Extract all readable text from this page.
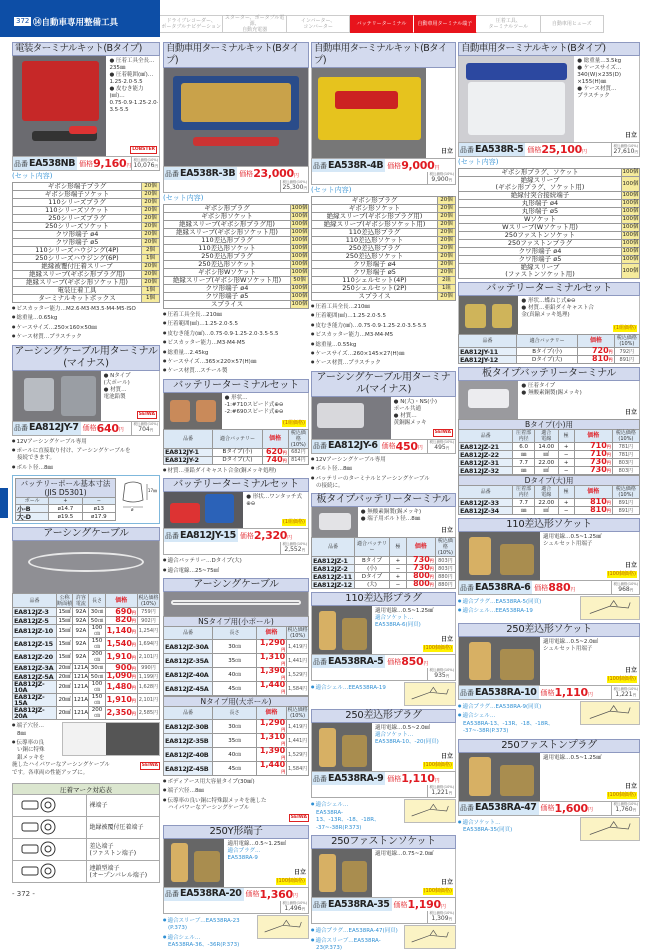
372 ⑭自動車専用整備工具	ドライブレコーダー、
ポータブルナビゲーション
スターター、ポータブル電源、
自動充電器
インバーター、
コンバーター	バッテリーターミナル	自動車用ターミナル端子	圧着工具、
ターミナルツール	自動車用ヒューズ
電装ターミナルキット(Bタイプ)
● 圧着工具全長…
235㎜
● 圧着範囲(㎟)…
1.25·2.0·5.5
● 皮むき能力(㎟)…
0.75·0.9·1.25·2.0·
3.5·5.5
LOBSTER
品番 EA538NB 価格 9,160 円
税込価格(10%)
10,076円
(セット内容)
ギボシ形端子プラグ	20個
ギボシ形端子ソケット	20個
110シリーズプラグ	20個
110シリーズソケット	20個
250シリーズプラグ	20個
250シリーズソケット	20個
クワ形端子 ø4	20個
クワ形端子 ø5	20個
110シリーズハウジング(4P)	2個
250シリーズハウジング(6P)	1個
絶縁被覆付圧着スリーブ	20個
絶縁スリーブ(ギボシ形プラグ用)	20個
絶縁スリーブ(ギボシ形ソケット用)	20個
電装圧着工具	1個
ターミナルキットボックス	1個
● ビスカッター能力…M2.6·M3·M3.5·M4·M5·ISO
● 総重量…0.65kg
● ケースサイズ…250×160×50㎜
● ケース材質…プラスチック
アーシングケーブル用ターミナル(マイナス)
● Nタイプ
(大ポール)
● 材質…
電池鉛製
SEIWA
品番 EA812JY-7 価格 640 円
税込価格(10%)
704円
● 12Vアーシングケーブル専用
● ポールに直接取り付け、アーシングケーブルを
接続できます。
● ボルト径…8㎜
バッテリーポール基本寸法(JIS D5301)		
ポール	+	−
小-B	ø14.7	ø13
大-D	ø19.5	ø17.9
17㎜
ø
アーシングケーブル
品番	公称
断面積	許容
電流	長さ	価格	税込価格
(10%)
EA812JZ-3	15㎟	92A	30㎝	690円	759円
EA812JZ-5	15㎟	92A	50㎝	820円	902円
EA812JZ-10	15㎟	92A	100㎝	1,140円	1,254円
EA812JZ-15	15㎟	92A	150㎝	1,540円	1,694円
EA812JZ-20	15㎟	92A	200㎝	1,910円	2,101円
EA812JZ-3A	20㎟	121A	30㎝	900円	990円
EA812JZ-5A	20㎟	121A	50㎝	1,090円	1,199円
EA812JZ-10A	20㎟	121A	100㎝	1,480円	1,628円
EA812JZ-15A	20㎟	121A	150㎝	1,910円	2,101円
EA812JZ-20A	20㎟	121A	200㎝	2,350円	2,585円
● 端子穴径…
8㎜
● 伝導率の良
い銅に特殊
銀メッキを
施したハイパワーなアーシングケーブル
です。各車両の性能アップに。
SEIWA
圧着マーク対応表	
	裸端子
	絶縁被覆付圧着端子
	差込端子
(ファストン端子)
	連鎖型端子
(オープンバレル端子)
- 372 -
自動車用ターミナルキット(Bタイプ)
品番 EA538R-3B 価格 23,000 円
税込価格(10%)
25,300円
(セット内容)
ギボシ形プラグ	100個
ギボシ形ソケット	100個
絶縁スリーブ(ギボシ形プラグ用)	100個
絶縁スリーブ(ギボシ形ソケット用)	100個
110差込形プラグ	100個
110差込形ソケット	100個
250差込形プラグ	100個
250差込形ソケット	100個
ギボシ形Wソケット	100個
絶縁スリーブ(ギボシ形Wソケット用)	50個
クワ形端子 ø4	100個
クワ形端子 ø5	100個
スプライス	100個
● 圧着工具全長…210㎜
● 圧着範囲(㎟)…1.25·2.0·5.5
● 皮むき能力(㎟)…0.75·0.9·1.25·2.0·3.5·5.5
● ビスカッター能力…M3·M4·M5
● 総重量…2.45kg
● ケースサイズ…365×220×57(H)㎜
● ケース材質…スチール製
バッテリーターミナルセット
● 形状…
-1:#710スピード式⊕⊖
-2:#690スピード式⊕⊖
(1組価格)
品番	適合バッテリー	価格	税込価格
(10%)
EA812JY-1	Bタイプ(小)	620円	682円
EA812JY-2	Dタイプ(大)	740円	814円
● 材質…亜鉛ダイキャスト合金(銅メッキ処理)
バッテリーターミナルセット
● 形状…ワンタッチ式⊕⊖
(1組価格)
品番 EA812JY-15 価格 2,320 円
税込価格(10%)
2,552円
● 適合バッテリー…Dタイプ(大)
● 適合電線…25~75㎟
アーシングケーブル
NSタイプ用(小ポール)			
品番	長さ	価格	税込価格
(10%)
EA812JZ-30A	30㎝	1,290円	1,419円
EA812JZ-35A	35㎝	1,310円	1,441円
EA812JZ-40A	40㎝	1,390円	1,529円
EA812JZ-45A	45㎝	1,440円	1,584円
Nタイプ用(大ポール)			
品番	長さ	価格	税込価格
(10%)
EA812JZ-30B	30㎝	1,290円	1,419円
EA812JZ-35B	35㎝	1,310円	1,441円
EA812JZ-40B	40㎝	1,390円	1,529円
EA812JZ-45B	45㎝	1,440円	1,584円
● ボディアース用大容量タイプ(30㎟)
● 端子穴径…8㎜
● 伝導率の良い銅に特殊銀メッキを施した
ハイパワーなアーシングケーブル
SEIWA
250Y形端子
適用電線…0.5~1.25㎟
適合プラグ…
EA538RA-9
日立
(100個価格)
品番 EA538RA-20 価格 1,360 円
税込価格(10%)
1,496円
● 適合スリーブ…EA538RA-23
(P.373)
● 適合シェル…
EA538RA-36、-36R(P.373)
自動車用ターミナルキット(Bタイプ)
日立
品番 EA538R-4B 価格 9,000 円
税込価格(10%)
9,900円
(セット内容)
ギボシ形プラグ	20個
ギボシ形ソケット	20個
絶縁スリーブ(ギボシ形プラグ用)	20個
絶縁スリーブ(ギボシ形ソケット用)	20個
110差込形プラグ	20個
110差込形ソケット	20個
250差込形プラグ	20個
250差込形ソケット	20個
クワ形端子 ø4	20個
クワ形端子 ø5	20個
110シェルセット(4P)	2組
250シェルセット(2P)	1組
スプライス	20個
● 圧着工具全長…210㎜
● 圧着範囲(㎟)…1.25·2.0·5.5
● 皮むき能力(㎟)…0.75·0.9·1.25·2.0·3.5·5.5
● ビスカッター能力…M3·M4·M5
● 総重量…0.55kg
● ケースサイズ…260×145×27(H)㎜
● ケース材質…プラスチック
アーシングケーブル用ターミナル(マイナス)
● N(大)・NS(小)
ポール共通
● 材質…
黄銅錫メッキ
SEIWA
品番 EA812JY-6 価格 450 円
税込価格(10%)
495円
● 12Vアーシングケーブル専用
● ボルト径…8㎜
● バッテリーのターミナルとアーシングケーブル
の接続に。
板タイプバッテリーターミナル
● 無酸素銅製(錫メッキ)
● 端子用ボルト径…8㎜
日立
品番	適合バッテリー	極	価格	税込価格
(10%)
EA812JZ-1	Bタイプ	+	730円	803円
EA812JZ-2	(小)	−	730円	803円
EA812JZ-11	Dタイプ	+	800円	880円
EA812JZ-12	(大)	−	800円	880円
110差込形プラグ
適用電線…0.5~1.25㎟
適合ソケット…
EA538RA-6(同頁)
日立
(100個価格)
品番 EA538RA-5 価格 850 円
税込価格(10%)
935円
● 適合シェル…EEA538RA-19
250差込形プラグ
適用電線…0.5~2.0㎟
適合ソケット…
EA538RA-10、-20(同頁)
日立
(100個価格)
品番 EA538RA-9 価格 1,110 円
税込価格(10%)
1,221円
● 適合シェル…
EA538RA-13、-13R、-18、-18R、
-37~-38R(P.373)
250ファストンソケット
適用電線…0.75~2.0㎟
日立
(100個価格)
品番 EA538RA-35 価格 1,190 円
税込価格(10%)
1,309円
● 適合プラグ…EA538RA-47(同頁)
● 適合スリーブ…EA538RA-23(P.373)
自動車用ターミナルキット(Bタイプ)
● 総重量…3.5kg
● ケースサイズ…
340(W)×235(D)
×155(H)㎜
● ケース材質…
プラスチック
日立
品番 EA538R-5 価格 25,100 円
税込価格(10%)
27,610円
(セット内容)
ギボシ形プラグ、ソケット	100個
絶縁スリーブ
(ギボシ形プラグ、ソケット用)	100個
絶縁付突合接続端子	100個
丸形端子 ø4	100個
丸形端子 ø5	100個
Wソケット	100個
Wスリーブ(Wソケット用)	100個
250ファストンソケット	100個
250ファストンプラグ	100個
クワ形端子 ø4	100個
クワ形端子 ø5	100個
絶縁スリーブ
(ファストンソケット用)	100個
バッテリーターミナルセット
● 形状…蝶ねじ式⊕⊖
● 材質…亜鉛ダイキャスト合
金(真鍮メッキ処理)
(1組価格)
品番	適合バッテリー	価格	税込価格
(10%)
EA812JY-11	Bタイプ(小)	720円	792円
EA812JY-12	Dタイプ(大)	810円	891円
板タイプバッテリーターミナル
● 圧着タイプ
● 無酸素銅製(錫メッキ)
日立
Bタイプ(小)用					
品番	圧着部
内径	適合
電線	極	価格	税込価格
(10%)
EA812JZ-21	6.0	14.00	+	710円	781円
EA812JZ-22	㎜	㎟	−	710円	781円
EA812JZ-31	7.7	22.00	+	730円	803円
EA812JZ-32	㎜	㎟	−	730円	803円
Dタイプ(大)用					
品番	圧着部
内径	適合
電線	極	価格	税込価格
(10%)
EA812JZ-33	7.7	22.00	+	810円	891円
EA812JZ-34	㎜	㎟	−	810円	891円
110差込形ソケット
適用電線…0.5~1.25㎟
シェルセット用端子
日立
(100個価格)
品番 EA538RA-6 価格 880 円
税込価格(10%)
968円
● 適合プラグ…EA538RA-5(同頁)
● 適合シェル…EEA538RA-19
250差込形ソケット
適用電線…0.5~2.0㎟
シェルセット用端子
日立
(100個価格)
品番 EA538RA-10 価格 1,110 円
税込価格(10%)
1,221円
● 適合プラグ…EA538RA-9(同頁)
● 適合シェル…
EA538RA-13、-13R、-18、-18R、
-37~-38R(P.373)
250ファストンプラグ
適用電線…0.5~1.25㎟
日立
(100個価格)
品番 EA538RA-47 価格 1,600 円
税込価格(10%)
1,760円
● 適合ソケット…
EA538RA-35(同頁)
